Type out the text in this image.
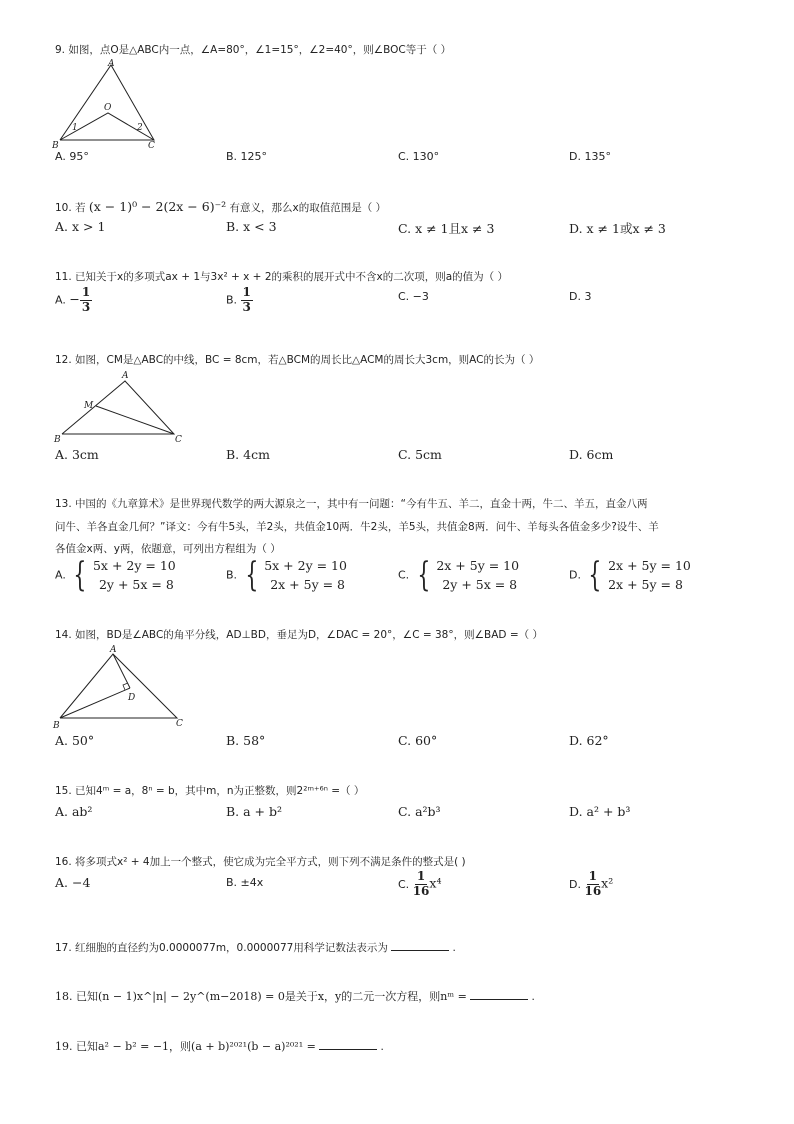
9. 如图，点O是△ABC内一点，∠A=80°，∠1=15°，∠2=40°，则∠BOC等于（ ）
A
B	C
O
1	2
A. 95°	B. 125°	C. 130°	D. 135°
10. 若 (x − 1)⁰ − 2(2x − 6)⁻² 有意义，那么x的取值范围是（ ）
A. x > 1	B. x < 3	C. x ≠ 1且x ≠ 3	D. x ≠ 1或x ≠ 3
11. 已知关于x的多项式ax + 1与3x² + x + 2的乘积的展开式中不含x的二次项，则a的值为（ ）
A. − $\frac{1}{3}$	B. $\frac{1}{3}$	C. −3	D. 3
12. 如图，CM是△ABC的中线，BC = 8cm，若△BCM的周长比△ACM的周长大3cm，则AC的长为（ ）
A
B	C
M
A. 3cm	B. 4cm	C. 5cm	D. 6cm
13. 中国的《九章算术》是世界现代数学的两大源泉之一，其中有一问题：“今有牛五、羊二，直金十两，牛二、羊五，直金八两
问牛、羊各直金几何？”译文：今有牛5头，羊2头，共值金10两．牛2头，羊5头，共值金8两．问牛、羊每头各值金多少?设牛、羊
各值金x两、y两，依题意，可列出方程组为（ ）
A. { 5x + 2y = 10
2y + 5x = 8
B. { 5x + 2y = 10
2x + 5y = 8
C. { 2x + 5y = 10
2y + 5x = 8
D. { 2x + 5y = 10
2x + 5y = 8
14. 如图，BD是∠ABC的角平分线，AD⊥BD，垂足为D，∠DAC = 20°，∠C = 38°，则∠BAD =（ ）
A
B	C
D
A. 50°	B. 58°	C. 60°	D. 62°
15. 已知4ᵐ = a，8ⁿ = b，其中m，n为正整数，则2²ᵐ⁺⁶ⁿ =（ ）
A. ab²	B. a + b²	C. a²b³	D. a² + b³
16. 将多项式x² + 4加上一个整式，使它成为完全平方式，则下列不满足条件的整式是( )
A. −4	B. ±4x	C. $\frac{1}{16} x^4$	D. $\frac{1}{16} x^2$
17. 红细胞的直径约为0.0000077m，0.0000077用科学记数法表示为	.
18. 已知(n − 1)x^|n| − 2y^(m−2018) = 0是关于x，y的二元一次方程，则nᵐ =	.
19. 已知a² − b² = −1，则(a + b)²⁰²¹(b − a)²⁰²¹ =	.
